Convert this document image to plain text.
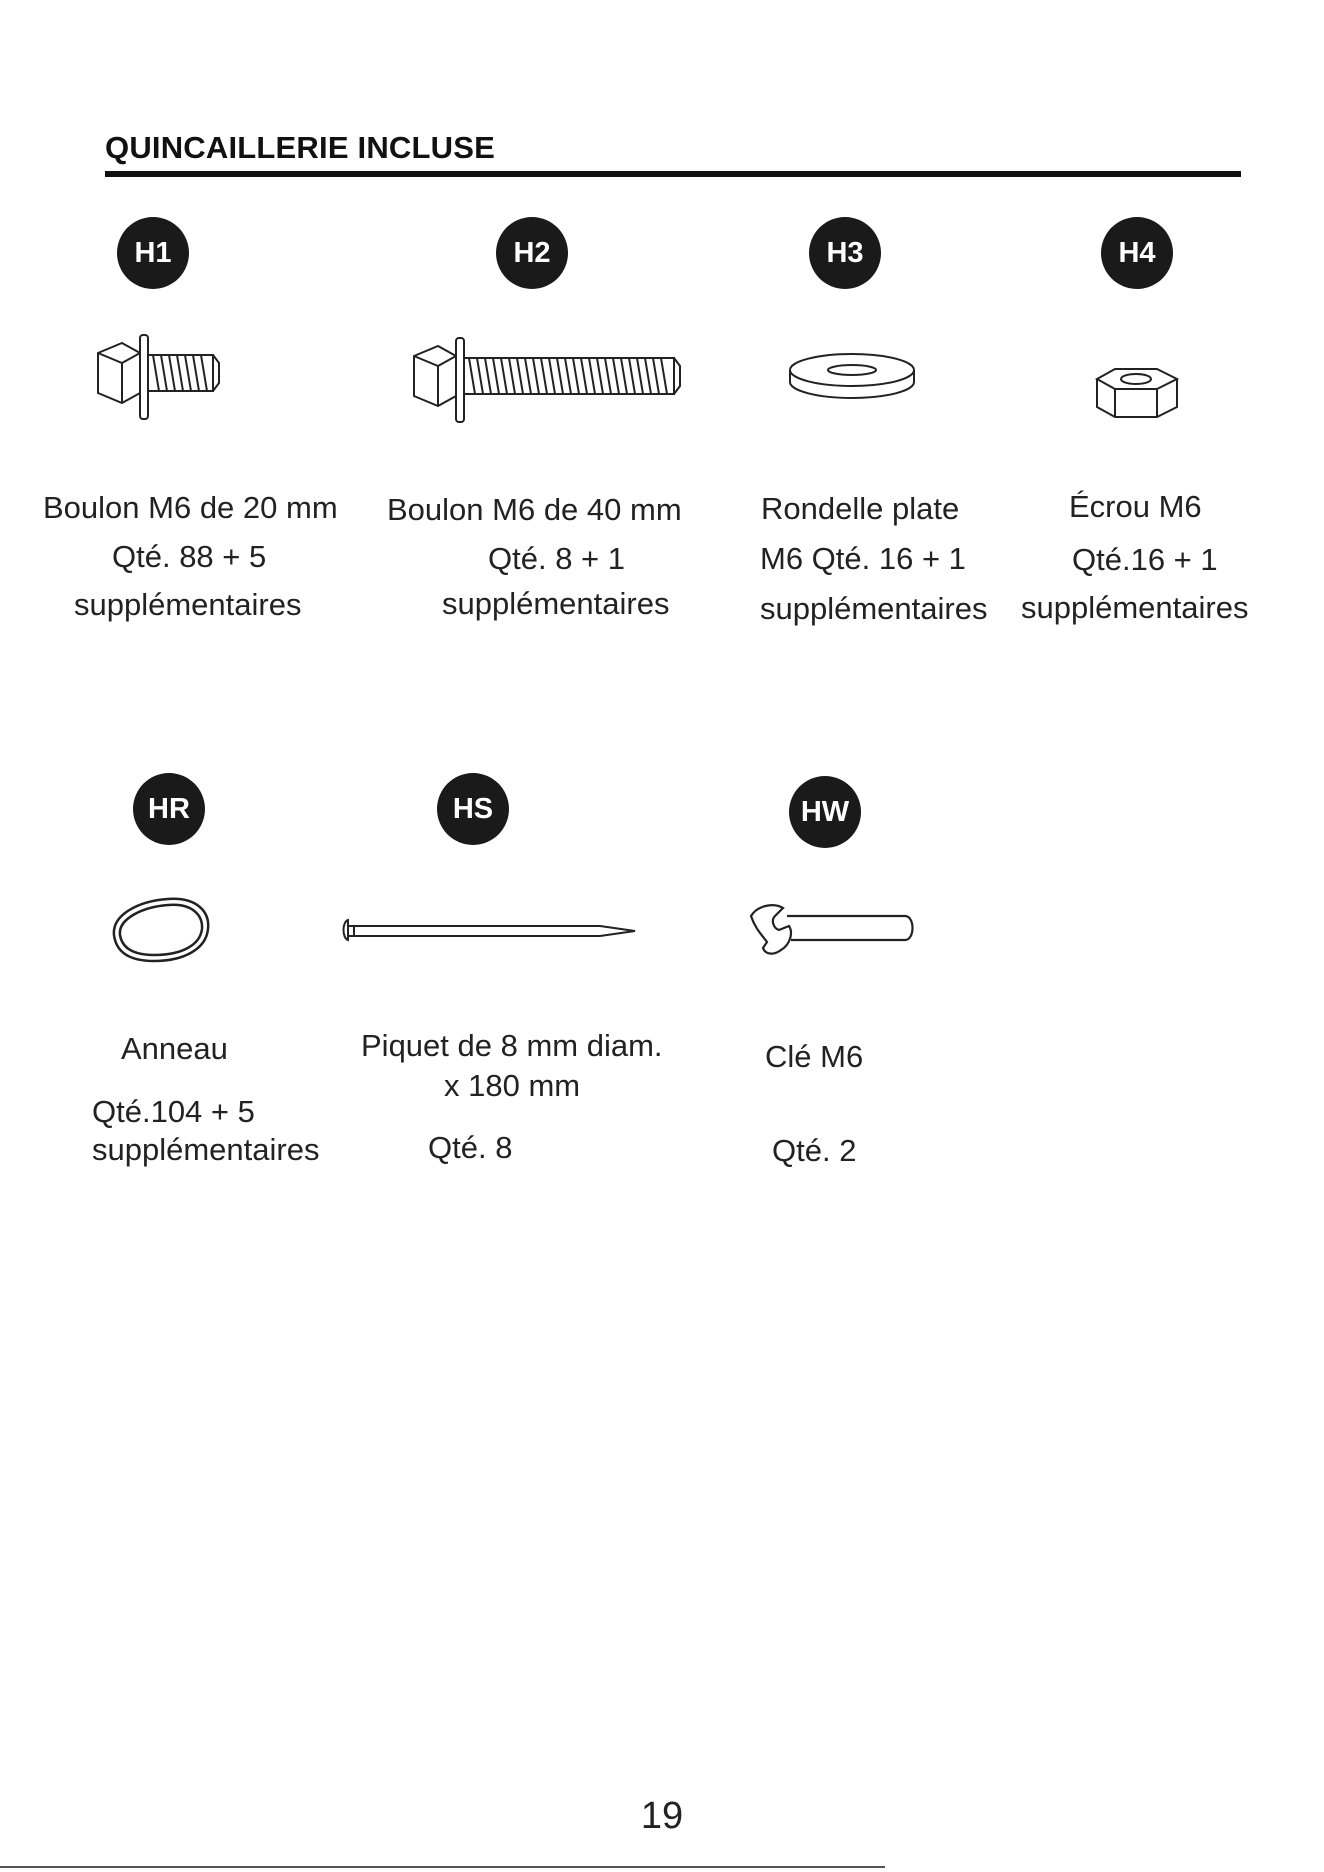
QUINCAILLERIE INCLUSE
H1
Boulon M6 de 20 mm
Qté. 88 + 5
supplémentaires
H2
Boulon M6 de 40 mm
Qté. 8 + 1
supplémentaires
H3
Rondelle plate
M6 Qté. 16 + 1
supplémentaires
H4
Écrou M6
Qté.16 + 1
supplémentaires
HR
Anneau
Qté.104 + 5
supplémentaires
HS
Piquet de 8 mm diam.
x 180 mm
Qté. 8
HW
Clé M6
Qté. 2
19
